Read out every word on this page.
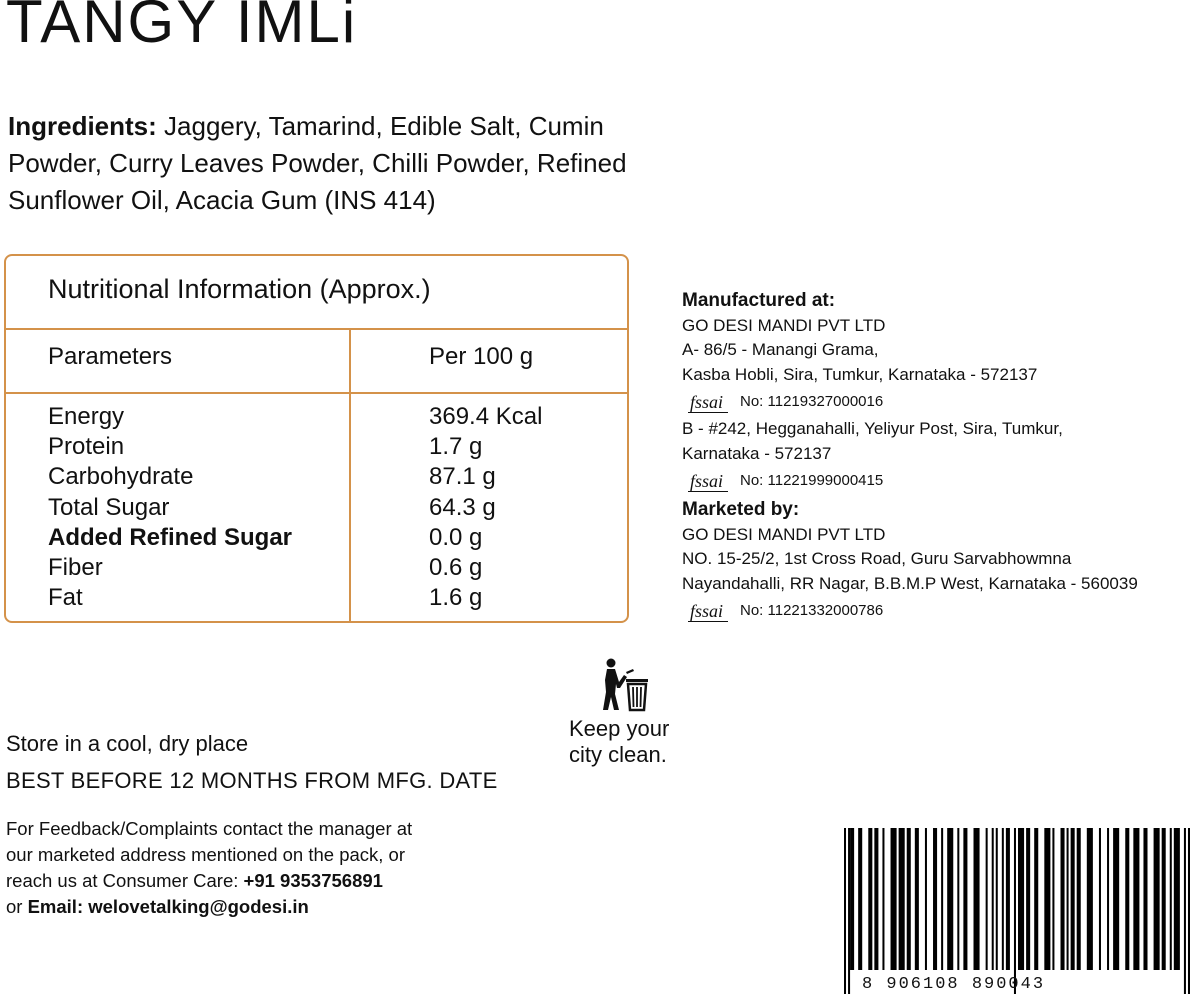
TANGY IMLi
Ingredients: Jaggery, Tamarind, Edible Salt, Cumin Powder, Curry Leaves Powder, Chilli Powder, Refined Sunflower Oil, Acacia Gum (INS 414)
Nutritional Information (Approx.)
Parameters	Per 100 g
Energy	369.4 Kcal
Protein	1.7 g
Carbohydrate	87.1 g
Total Sugar	64.3 g
Added Refined Sugar	0.0 g
Fiber	0.6 g
Fat	1.6 g
Manufactured at:
GO DESI MANDI PVT LTD
A- 86/5 - Manangi Grama,
Kasba Hobli, Sira, Tumkur, Karnataka - 572137
fssai	No: 11219327000016
B - #242, Hegganahalli, Yeliyur Post, Sira, Tumkur,
Karnataka - 572137
fssai	No: 11221999000415
Marketed by:
GO DESI MANDI PVT LTD
NO. 15-25/2, 1st Cross Road, Guru Sarvabhowmna
Nayandahalli, RR Nagar, B.B.M.P West, Karnataka - 560039
fssai	No: 11221332000786
Keep your
city clean.
Store in a cool, dry place
BEST BEFORE 12 MONTHS FROM MFG. DATE
For Feedback/Complaints contact the manager at
our marketed address mentioned on the pack, or
reach us at Consumer Care: +91 9353756891
or Email: welovetalking@godesi.in
8 906108 890043
